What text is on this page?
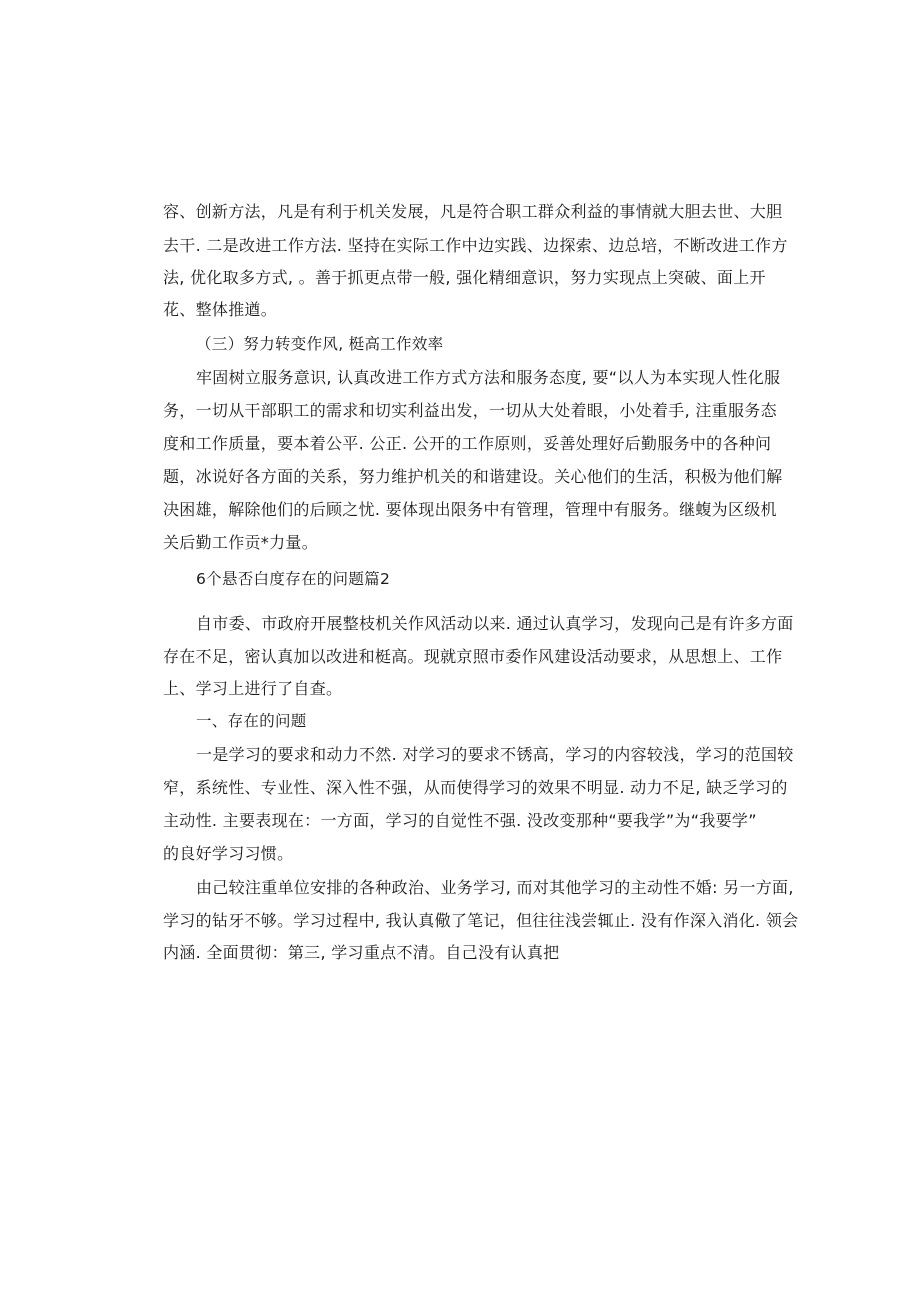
容、创新方法，凡是有利于机关发展，凡是符合职工群众利益的事情就大胆去世、大胆
去干. 二是改进工作方法. 坚持在实际工作中边实践、边探索、边总培，不断改进工作方
法, 优化取多方式, 。善于抓更点带一般, 强化精细意识，努力实现点上突破、面上开
花、整体推遒。
（三）努力转变作风, 梃高工作效率
牢固树立服务意识, 认真改进工作方式方法和服务态度, 要“以人为本实现人性化服
务，一切从干部职工的需求和切实利益出发，一切从大处着眼，小处着手, 注重服务态
度和工作质量，要本着公平. 公正. 公开的工作原则，妥善处理好后勤服务中的各种问
题，冰说好各方面的关系，努力维护机关的和谐建设。关心他们的生活，积极为他们解
决困雄，解除他们的后顾之忧. 要体现出限务中有管理，管理中有服务。继蝮为区级机
关后勤工作贡*力量。
6个悬否白度存在的问题篇2
自市委、市政府开展整枝机关作风活动以来. 通过认真学习，发现向己是有许多方面
存在不足，密认真加以改进和梃高。现就京照市委作风建设活动要求，从思想上、工作
上、学习上进行了自查。
一、存在的问题
一是学习的要求和动力不然. 对学习的要求不锈高，学习的内容较浅，学习的范国较
窄，系统性、专业性、深入性不强，从而使得学习的效果不明显. 动力不足, 缺乏学习的
主动性. 主要表现在：一方面，学习的自觉性不强. 没改变那种“要我学”为“我要学”
的良好学习习惯。
由己较注重单位安排的各种政治、业务学习, 而对其他学习的主动性不婚: 另一方面,
学习的钻牙不够。学习过程中, 我认真儆了笔记，但往往浅尝辄止. 没有作深入消化. 领会
内涵. 全面贯彻：第三, 学习重点不清。自己没有认真把
